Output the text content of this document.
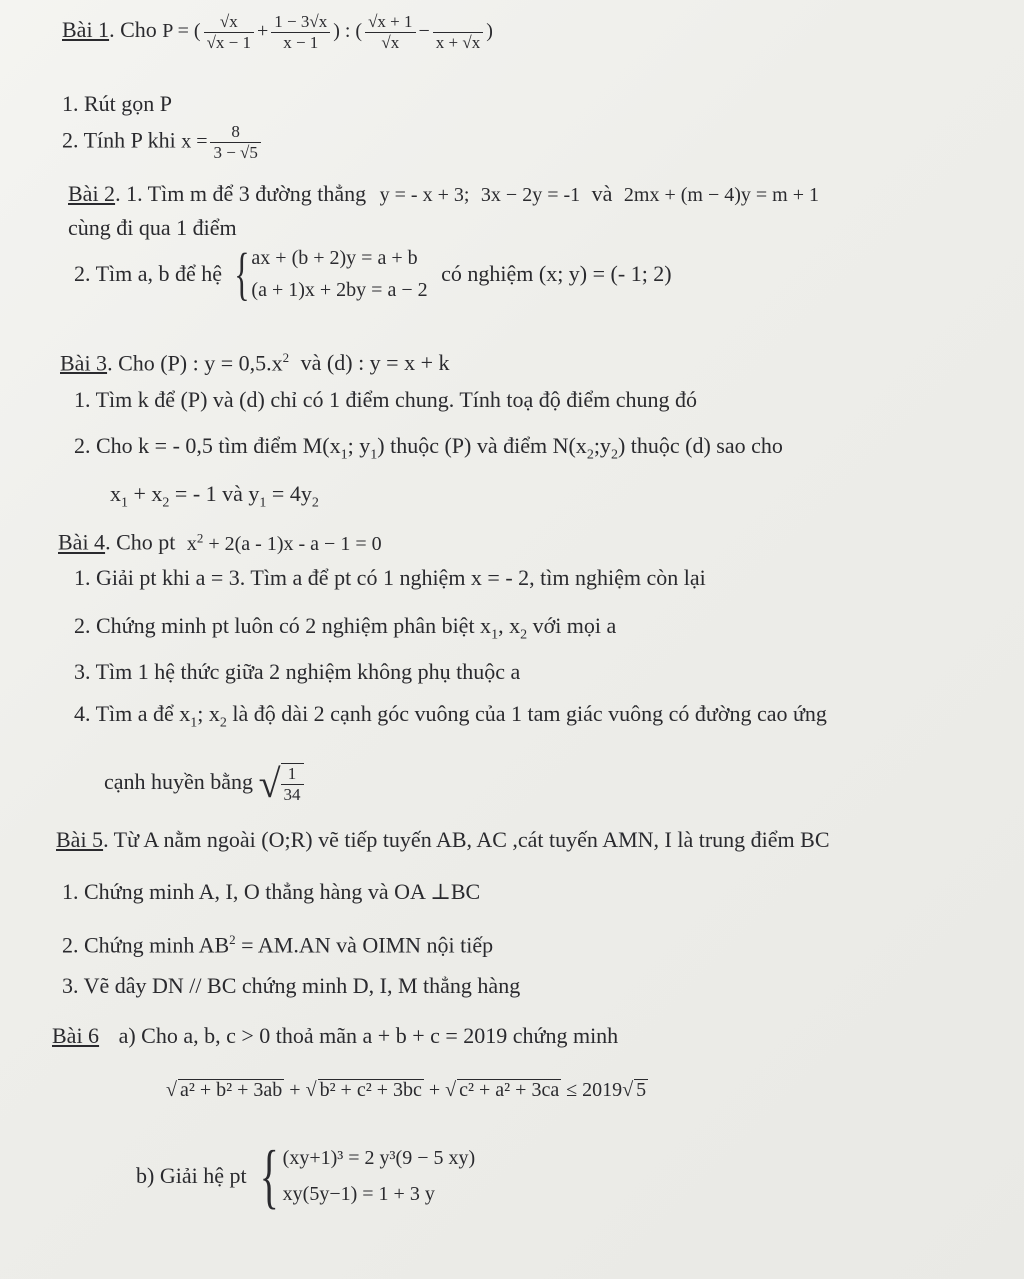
Bài 1. Cho P = ( $\frac{√x}{√x - 1} + \frac{1 - 3√x}{x - 1}$ ) : ( $\frac{√x + 1}{√x}$ −

x + √x
)
1. Rút gọn P
2. Tính P khi $x = \frac{8}{3 - √5}$
Bài 2. 1. Tìm m để 3 đường thẳng y = - x + 3; 3x − 2y = -1 và 2mx + (m − 4)y = m + 1
cùng đi qua 1 điểm
2. Tìm a, b để hệ { ax + (b + 2)y = a + b
(a + 1)x + 2by = a − 2
có nghiệm (x; y) = (- 1; 2)
Bài 3. Cho (P) : $y = 0,5.x^2$ và (d) : y = x + k
1. Tìm k để (P) và (d) chỉ có 1 điểm chung. Tính toạ độ điểm chung đó
2. Cho k = - 0,5 tìm điểm $M(x_1$; $y_1$) thuộc (P) và điểm $N(x_2;y_2)$ thuộc (d) sao cho
$x_1 + x_2$ = - 1 và $y_1 = 4y_2$
Bài 4. Cho pt $x^2 + 2(a - 1)x - a - 1 = 0$
1. Giải pt khi a = 3. Tìm a để pt có 1 nghiệm x = - 2, tìm nghiệm còn lại
2. Chứng minh pt luôn có 2 nghiệm phân biệt $x_1$, $x_2$ với mọi a
3. Tìm 1 hệ thức giữa 2 nghiệm không phụ thuộc a
4. Tìm a để $x_1$; $x_2$ là độ dài 2 cạnh góc vuông của 1 tam giác vuông có đường cao ứng
cạnh huyền bằng √ $\frac{1}{34}$
Bài 5. Từ A nằm ngoài (O;R) vẽ tiếp tuyến AB, AC ,cát tuyến AMN, I là trung điểm BC
1. Chứng minh A, I, O thẳng hàng và OA ⊥BC
2. Chứng minh $AB^2 = AM.AN$ và OIMN nội tiếp
3. Vẽ dây DN // BC chứng minh D, I, M thẳng hàng
Bài 6 a) Cho a, b, c > 0 thoả mãn a + b + c = 2019 chứng minh
√ a² + b² + 3ab + √ b² + c² + 3bc + √ c² + a² + 3ca ≤ 2019√ 5
b) Giải hệ pt { (xy+1)³ = 2 y³(9 − 5 xy)
xy(5y−1) = 1 + 3 y
